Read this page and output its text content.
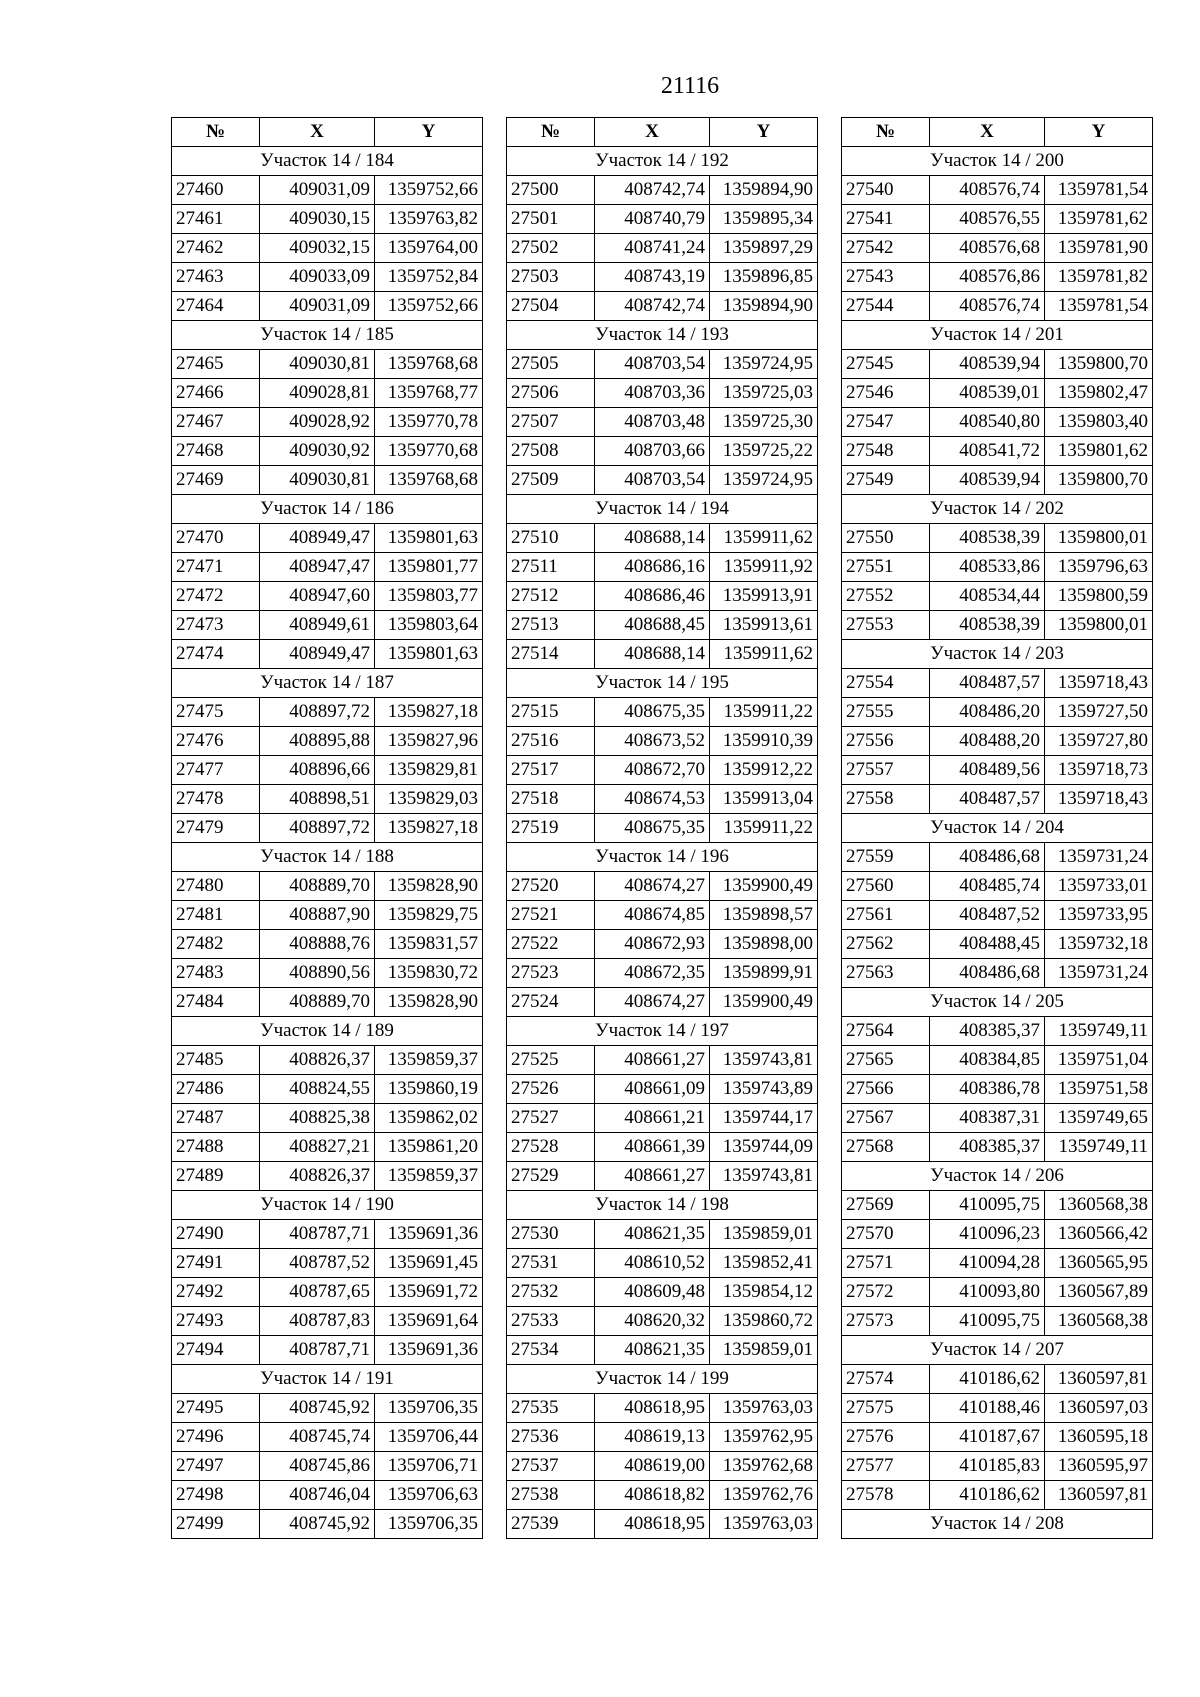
21116
№	X	Y
Участок 14 / 184		
27460	409031,09	1359752,66
27461	409030,15	1359763,82
27462	409032,15	1359764,00
27463	409033,09	1359752,84
27464	409031,09	1359752,66
Участок 14 / 185		
27465	409030,81	1359768,68
27466	409028,81	1359768,77
27467	409028,92	1359770,78
27468	409030,92	1359770,68
27469	409030,81	1359768,68
Участок 14 / 186		
27470	408949,47	1359801,63
27471	408947,47	1359801,77
27472	408947,60	1359803,77
27473	408949,61	1359803,64
27474	408949,47	1359801,63
Участок 14 / 187		
27475	408897,72	1359827,18
27476	408895,88	1359827,96
27477	408896,66	1359829,81
27478	408898,51	1359829,03
27479	408897,72	1359827,18
Участок 14 / 188		
27480	408889,70	1359828,90
27481	408887,90	1359829,75
27482	408888,76	1359831,57
27483	408890,56	1359830,72
27484	408889,70	1359828,90
Участок 14 / 189		
27485	408826,37	1359859,37
27486	408824,55	1359860,19
27487	408825,38	1359862,02
27488	408827,21	1359861,20
27489	408826,37	1359859,37
Участок 14 / 190		
27490	408787,71	1359691,36
27491	408787,52	1359691,45
27492	408787,65	1359691,72
27493	408787,83	1359691,64
27494	408787,71	1359691,36
Участок 14 / 191		
27495	408745,92	1359706,35
27496	408745,74	1359706,44
27497	408745,86	1359706,71
27498	408746,04	1359706,63
27499	408745,92	1359706,35
№	X	Y
Участок 14 / 192		
27500	408742,74	1359894,90
27501	408740,79	1359895,34
27502	408741,24	1359897,29
27503	408743,19	1359896,85
27504	408742,74	1359894,90
Участок 14 / 193		
27505	408703,54	1359724,95
27506	408703,36	1359725,03
27507	408703,48	1359725,30
27508	408703,66	1359725,22
27509	408703,54	1359724,95
Участок 14 / 194		
27510	408688,14	1359911,62
27511	408686,16	1359911,92
27512	408686,46	1359913,91
27513	408688,45	1359913,61
27514	408688,14	1359911,62
Участок 14 / 195		
27515	408675,35	1359911,22
27516	408673,52	1359910,39
27517	408672,70	1359912,22
27518	408674,53	1359913,04
27519	408675,35	1359911,22
Участок 14 / 196		
27520	408674,27	1359900,49
27521	408674,85	1359898,57
27522	408672,93	1359898,00
27523	408672,35	1359899,91
27524	408674,27	1359900,49
Участок 14 / 197		
27525	408661,27	1359743,81
27526	408661,09	1359743,89
27527	408661,21	1359744,17
27528	408661,39	1359744,09
27529	408661,27	1359743,81
Участок 14 / 198		
27530	408621,35	1359859,01
27531	408610,52	1359852,41
27532	408609,48	1359854,12
27533	408620,32	1359860,72
27534	408621,35	1359859,01
Участок 14 / 199		
27535	408618,95	1359763,03
27536	408619,13	1359762,95
27537	408619,00	1359762,68
27538	408618,82	1359762,76
27539	408618,95	1359763,03
№	X	Y
Участок 14 / 200		
27540	408576,74	1359781,54
27541	408576,55	1359781,62
27542	408576,68	1359781,90
27543	408576,86	1359781,82
27544	408576,74	1359781,54
Участок 14 / 201		
27545	408539,94	1359800,70
27546	408539,01	1359802,47
27547	408540,80	1359803,40
27548	408541,72	1359801,62
27549	408539,94	1359800,70
Участок 14 / 202		
27550	408538,39	1359800,01
27551	408533,86	1359796,63
27552	408534,44	1359800,59
27553	408538,39	1359800,01
Участок 14 / 203		
27554	408487,57	1359718,43
27555	408486,20	1359727,50
27556	408488,20	1359727,80
27557	408489,56	1359718,73
27558	408487,57	1359718,43
Участок 14 / 204		
27559	408486,68	1359731,24
27560	408485,74	1359733,01
27561	408487,52	1359733,95
27562	408488,45	1359732,18
27563	408486,68	1359731,24
Участок 14 / 205		
27564	408385,37	1359749,11
27565	408384,85	1359751,04
27566	408386,78	1359751,58
27567	408387,31	1359749,65
27568	408385,37	1359749,11
Участок 14 / 206		
27569	410095,75	1360568,38
27570	410096,23	1360566,42
27571	410094,28	1360565,95
27572	410093,80	1360567,89
27573	410095,75	1360568,38
Участок 14 / 207		
27574	410186,62	1360597,81
27575	410188,46	1360597,03
27576	410187,67	1360595,18
27577	410185,83	1360595,97
27578	410186,62	1360597,81
Участок 14 / 208		
